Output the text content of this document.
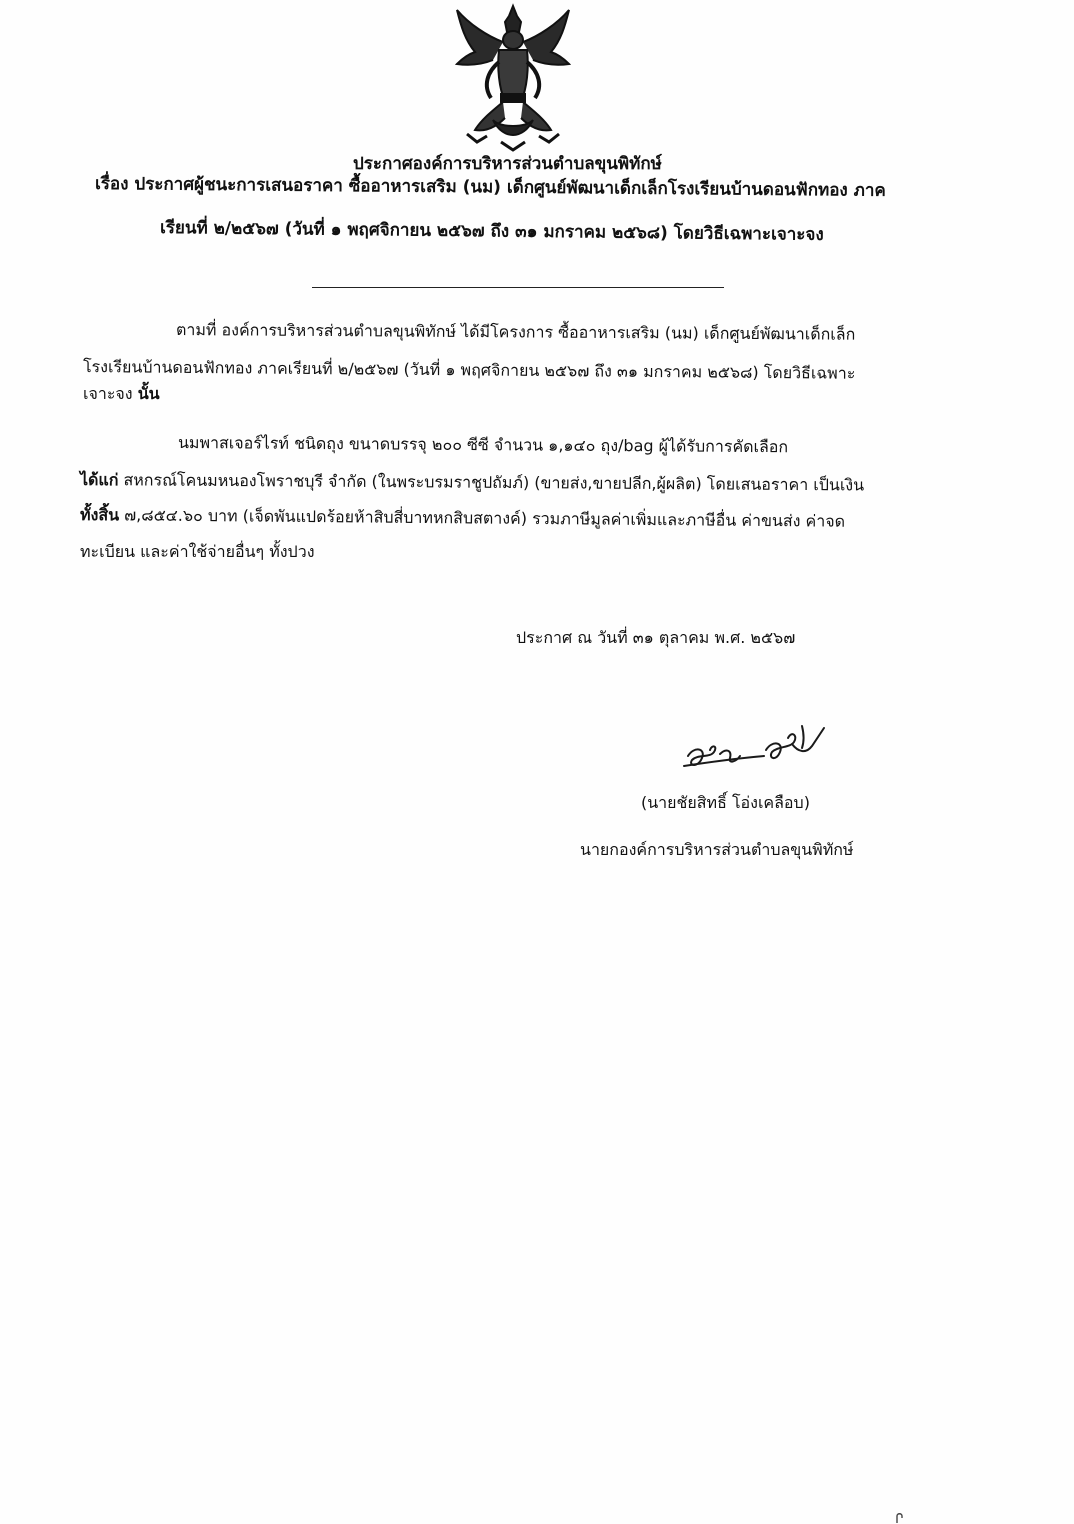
ประกาศองค์การบริหารส่วนตำบลขุนพิทักษ์
เรื่อง ประกาศผู้ชนะการเสนอราคา ซื้ออาหารเสริม (นม) เด็กศูนย์พัฒนาเด็กเล็กโรงเรียนบ้านดอนฟักทอง ภาค
เรียนที่ ๒/๒๕๖๗ (วันที่ ๑ พฤศจิกายน ๒๕๖๗ ถึง ๓๑ มกราคม ๒๕๖๘) โดยวิธีเฉพาะเจาะจง
ตามที่ องค์การบริหารส่วนตำบลขุนพิทักษ์ ได้มีโครงการ ซื้ออาหารเสริม (นม) เด็กศูนย์พัฒนาเด็กเล็ก
โรงเรียนบ้านดอนฟักทอง ภาคเรียนที่ ๒/๒๕๖๗ (วันที่ ๑ พฤศจิกายน ๒๕๖๗ ถึง ๓๑ มกราคม ๒๕๖๘) โดยวิธีเฉพาะ
เจาะจง นั้น
นมพาสเจอร์ไรท์ ชนิดถุง ขนาดบรรจุ ๒๐๐ ซีซี จำนวน ๑,๑๔๐ ถุง/bag ผู้ได้รับการคัดเลือก
ได้แก่ สหกรณ์โคนมหนองโพราชบุรี จำกัด (ในพระบรมราชูปถัมภ์) (ขายส่ง,ขายปลีก,ผู้ผลิต) โดยเสนอราคา เป็นเงิน
ทั้งสิ้น ๗,๘๕๔.๖๐ บาท (เจ็ดพันแปดร้อยห้าสิบสี่บาทหกสิบสตางค์) รวมภาษีมูลค่าเพิ่มและภาษีอื่น ค่าขนส่ง ค่าจด
ทะเบียน และค่าใช้จ่ายอื่นๆ ทั้งปวง
ประกาศ ณ วันที่ ๓๑ ตุลาคม พ.ศ. ๒๕๖๗
(นายชัยสิทธิ์ โอ่งเคลือบ)
นายกองค์การบริหารส่วนตำบลขุนพิทักษ์
